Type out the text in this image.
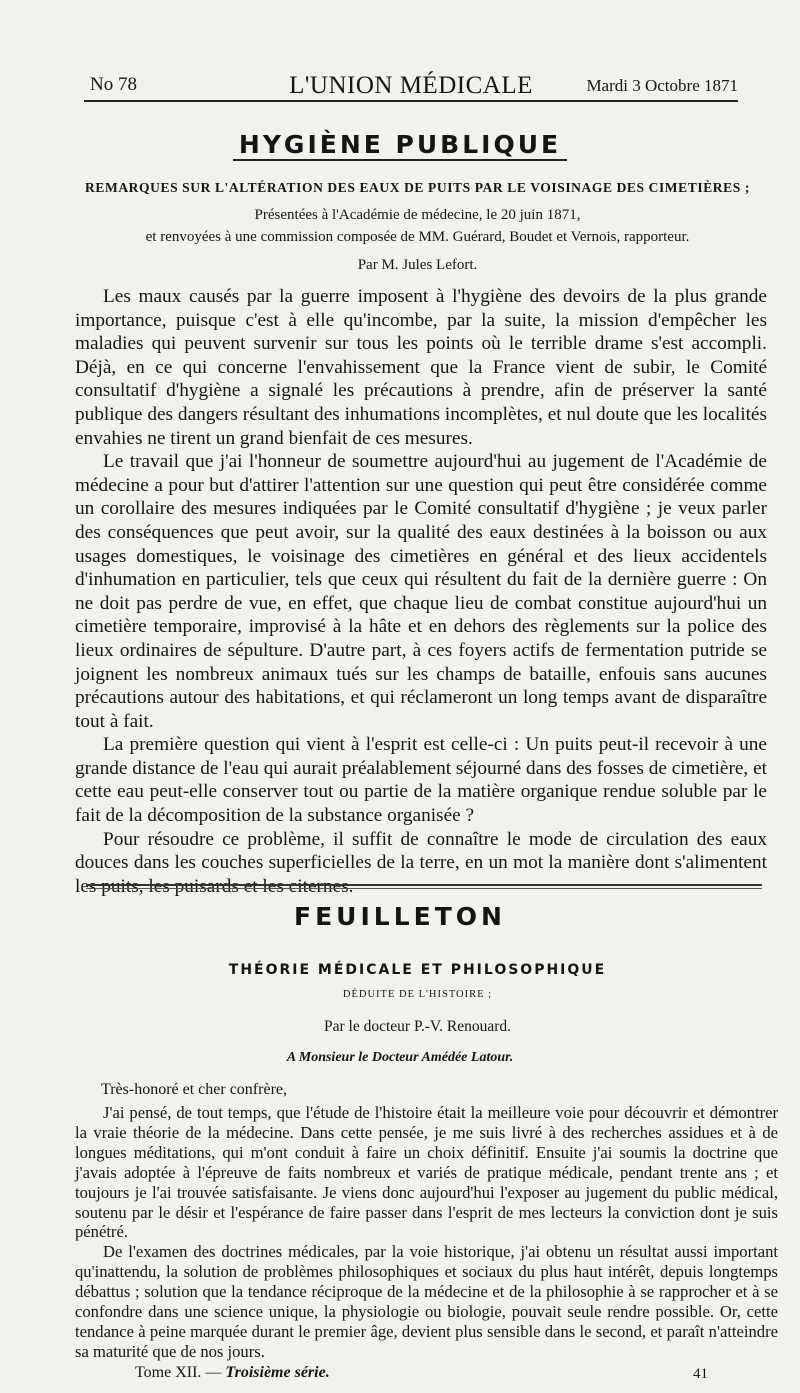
No 78	L'UNION MÉDICALE	Mardi 3 Octobre 1871
HYGIÈNE PUBLIQUE
REMARQUES SUR L'ALTÉRATION DES EAUX DE PUITS PAR LE VOISINAGE DES CIMETIÈRES ;
Présentées à l'Académie de médecine, le 20 juin 1871,
et renvoyées à une commission composée de MM. Guérard, Boudet et Vernois, rapporteur.
Par M. Jules Lefort.

Les maux causés par la guerre imposent à l'hygiène des devoirs de la plus grande importance, puisque c'est à elle qu'incombe, par la suite, la mission d'empêcher les maladies qui peuvent survenir sur tous les points où le terrible drame s'est accompli. Déjà, en ce qui concerne l'envahissement que la France vient de subir, le Comité consultatif d'hygiène a signalé les précautions à prendre, afin de préserver la santé publique des dangers résultant des inhumations incomplètes, et nul doute que les localités envahies ne tirent un grand bienfait de ces mesures.

Le travail que j'ai l'honneur de soumettre aujourd'hui au jugement de l'Académie de médecine a pour but d'attirer l'attention sur une question qui peut être considérée comme un corollaire des mesures indiquées par le Comité consultatif d'hygiène ; je veux parler des conséquences que peut avoir, sur la qualité des eaux destinées à la boisson ou aux usages domestiques, le voisinage des cimetières en général et des lieux accidentels d'inhumation en particulier, tels que ceux qui résultent du fait de la dernière guerre : On ne doit pas perdre de vue, en effet, que chaque lieu de combat constitue aujourd'hui un cimetière temporaire, improvisé à la hâte et en dehors des règlements sur la police des lieux ordinaires de sépulture. D'autre part, à ces foyers actifs de fermentation putride se joignent les nombreux animaux tués sur les champs de bataille, enfouis sans aucunes précautions autour des habitations, et qui réclameront un long temps avant de disparaître tout à fait.

La première question qui vient à l'esprit est celle-ci : Un puits peut-il recevoir à une grande distance de l'eau qui aurait préalablement séjourné dans des fosses de cimetière, et cette eau peut-elle conserver tout ou partie de la matière organique rendue soluble par le fait de la décomposition de la substance organisée ?

Pour résoudre ce problème, il suffit de connaître le mode de circulation des eaux douces dans les couches superficielles de la terre, en un mot la manière dont s'alimentent les puits, les puisards et les citernes.

FEUILLETON
THÉORIE MÉDICALE ET PHILOSOPHIQUE
DÉDUITE DE L'HISTOIRE ;
Par le docteur P.-V. Renouard.
A Monsieur le Docteur Amédée Latour.
Très-honoré et cher confrère,

J'ai pensé, de tout temps, que l'étude de l'histoire était la meilleure voie pour découvrir et démontrer la vraie théorie de la médecine. Dans cette pensée, je me suis livré à des recherches assidues et à de longues méditations, qui m'ont conduit à faire un choix définitif. Ensuite j'ai soumis la doctrine que j'avais adoptée à l'épreuve de faits nombreux et variés de pratique médicale, pendant trente ans ; et toujours je l'ai trouvée satisfaisante. Je viens donc aujourd'hui l'exposer au jugement du public médical, soutenu par le désir et l'espérance de faire passer dans l'esprit de mes lecteurs la conviction dont je suis pénétré.

De l'examen des doctrines médicales, par la voie historique, j'ai obtenu un résultat aussi important qu'inattendu, la solution de problèmes philosophiques et sociaux du plus haut intérêt, depuis longtemps débattus ; solution que la tendance réciproque de la médecine et de la philosophie à se rapprocher et à se confondre dans une science unique, la physiologie ou biologie, pouvait seule rendre possible. Or, cette tendance à peine marquée durant le premier âge, devient plus sensible dans le second, et paraît n'atteindre sa maturité que de nos jours.

Tome XII. — Troisième série.	41
